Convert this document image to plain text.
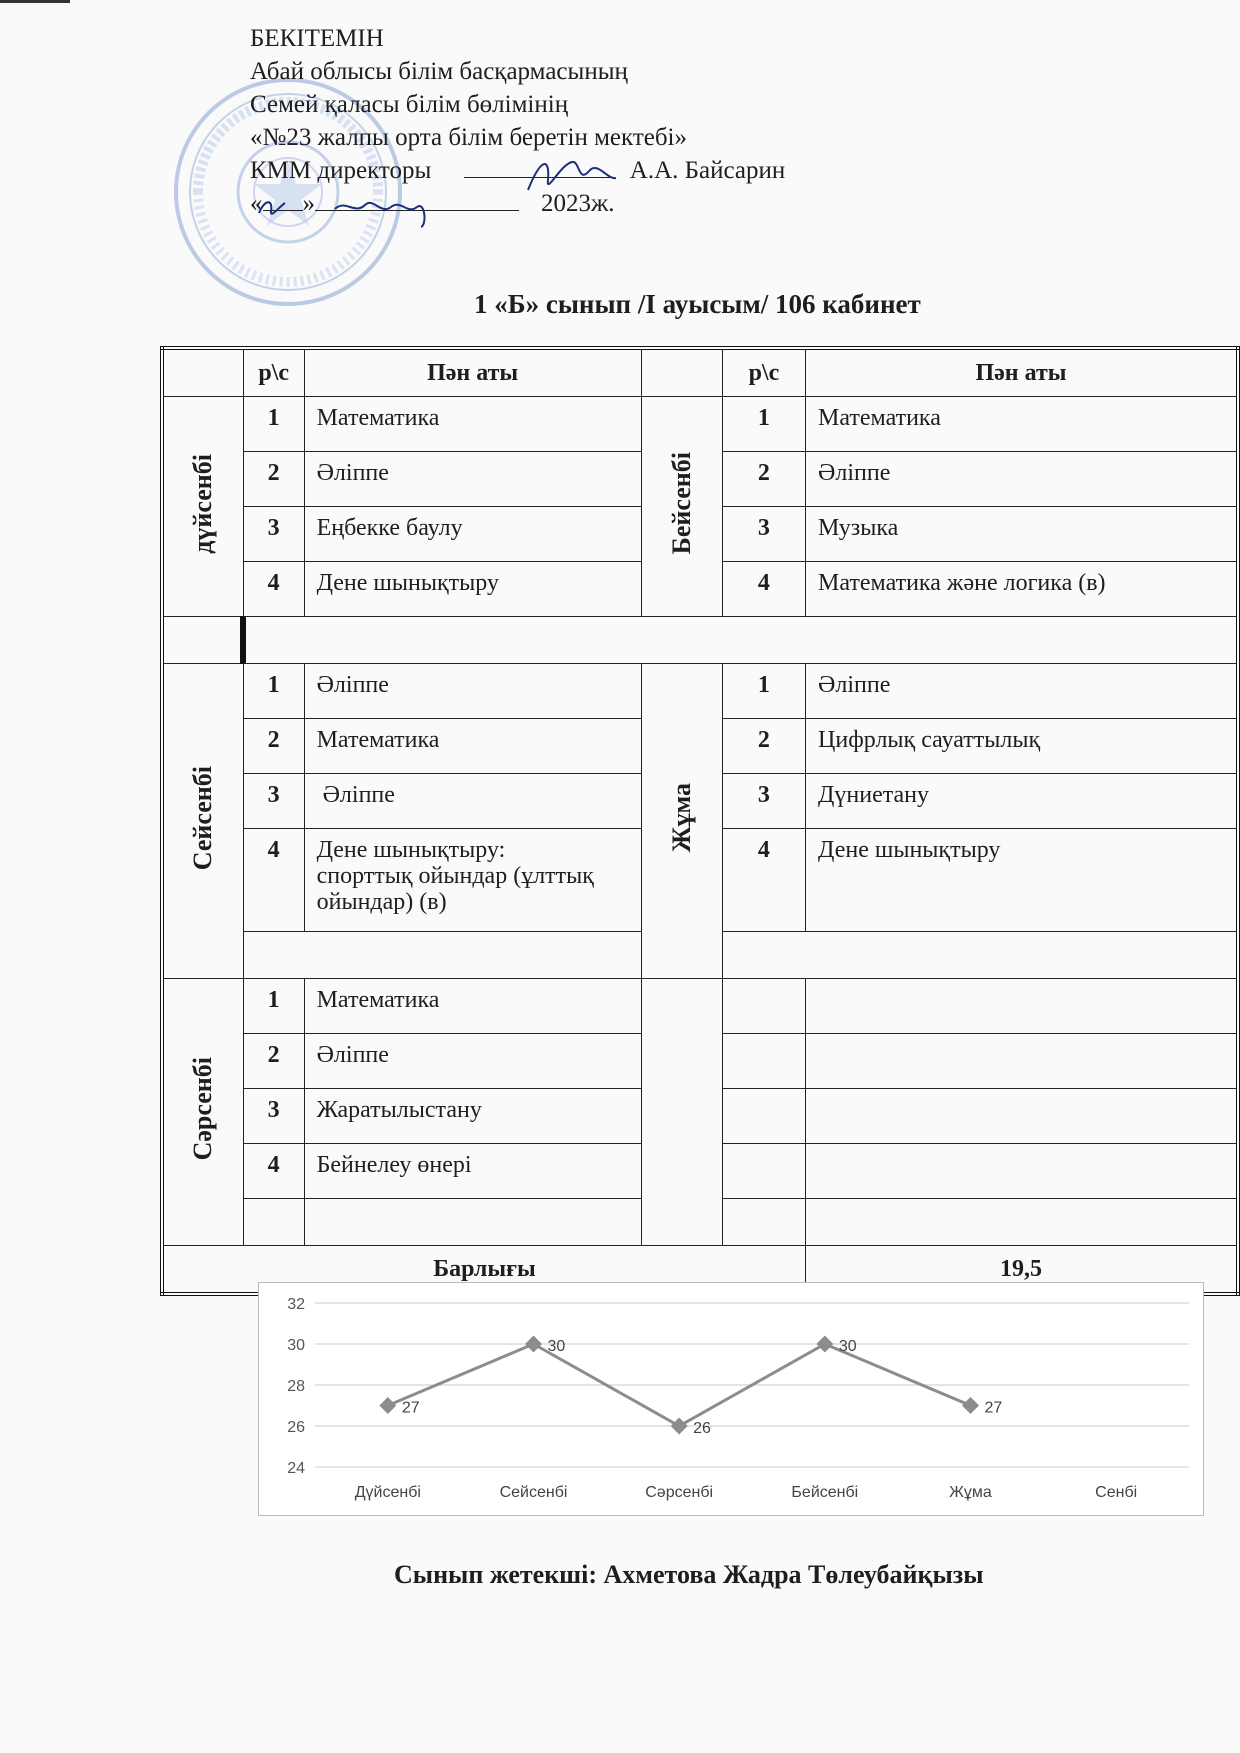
БЕКІТЕМІН
Абай облысы білім басқармасының
Семей қаласы білім бөлімінің
«№23 жалпы орта білім беретін мектебі»
КММ директоры	А.А. Байсарин
« »	2023ж.
1 «Б» сынып /І ауысым/ 106 кабинет
	р\с	Пән аты		р\с	Пән аты
дүйсенбі	1	Математика	Бейсенбі	1	Математика
	2	Әліппе		2	Әліппе
	3	Еңбекке баулу		3	Музыка
	4	Дене шынықтыру		4	Математика және логика (в)

Сейсенбі	1	Әліппе	Жұма	1	Әліппе
	2	Математика		2	Цифрлық сауаттылық
	3	Әліппе		3	Дүниетану
	4	Дене шынықтыру: спорттық ойындар (ұлттық ойындар) (в)		4	Дене шынықтыру

Сәрсенбі	1	Математика			
	2	Әліппе			
	3	Жаратылыстану			
	4	Бейнелеу өнері			

Барлығы					19,5
24
26
28
30
32
Дүйсенбі	Сейсенбі	Сәрсенбі	Бейсенбі	Жұма	Сенбі
27
30
26
30
27
Сынып жетекші: Ахметова Жадра Төлеубайқызы
